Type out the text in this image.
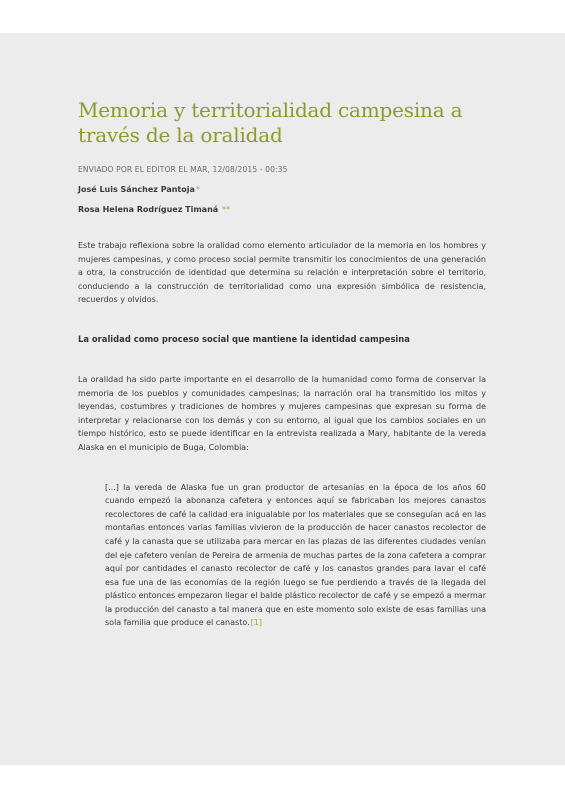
Memoria y territorialidad campesina a través de la oralidad
ENVIADO POR EL EDITOR EL MAR, 12/08/2015 - 00:35
José Luis Sánchez Pantoja*
Rosa Helena Rodríguez Timaná **

Este trabajo reflexiona sobre la oralidad como elemento articulador de la memoria en los hombres y mujeres campesinas, y como proceso social permite transmitir los conocimientos de una generación a otra, la construcción de identidad que determina su relación e interpretación sobre el territorio, conduciendo a la construcción de territorialidad como una expresión simbólica de resistencia, recuerdos y olvidos.

La oralidad como proceso social que mantiene la identidad campesina

La oralidad ha sido parte importante en el desarrollo de la humanidad como forma de conservar la memoria de los pueblos y comunidades campesinas; la narración oral ha transmitido los mitos y leyendas, costumbres y tradiciones de hombres y mujeres campesinas que expresan su forma de interpretar y relacionarse con los demás y con su entorno, al igual que los cambios sociales en un tiempo histórico, esto se puede identificar en la entrevista realizada a Mary, habitante de la vereda Alaska en el municipio de Buga, Colombia:

[...] la vereda de Alaska fue un gran productor de artesanías en la época de los años 60 cuando empezó la abonanza cafetera y entonces aquí se fabricaban los mejores canastos recolectores de café la calidad era inigualable por los materiales que se conseguían acá en las montañas entonces varias familias vivieron de la producción de hacer canastos recolector de café y la canasta que se utilizaba para mercar en las plazas de las diferentes ciudades venían del eje cafetero venían de Pereira de armenia de muchas partes de la zona cafetera a comprar aquí por cantidades el canasto recolector de café y los canastos grandes para lavar el café esa fue una de las economías de la región luego se fue perdiendo a través de la llegada del plástico entonces empezaron llegar el balde plástico recolector de café y se empezó a mermar la producción del canasto a tal manera que en este momento solo existe de esas familias una sola familia que produce el canasto.[1]
